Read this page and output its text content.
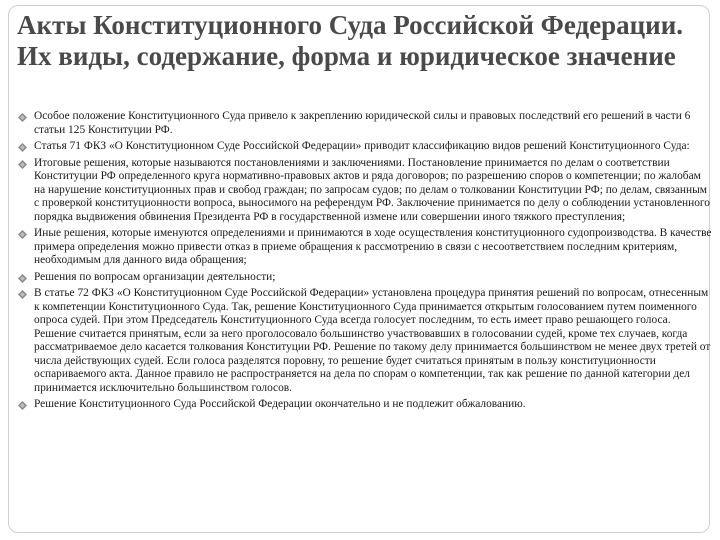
Акты Конституционного Суда Российской Федерации. Их виды, содержание, форма и юридическое значение
Особое положение Конституционного Суда привело к закреплению юридической силы и правовых последствий его решений в части 6 статьи 125 Конституции РФ.
Статья 71 ФКЗ «О Конституционном Суде Российской Федерации» приводит классификацию видов решений Конституционного Суда:
Итоговые решения, которые называются постановлениями и заключениями. Постановление принимается по делам о соответствии Конституции РФ определенного круга нормативно-правовых актов и ряда договоров; по разрешению споров о компетенции; по жалобам на нарушение конституционных прав и свобод граждан; по запросам судов; по делам о толковании Конституции РФ; по делам, связанным с проверкой конституционности вопроса, выносимого на референдум РФ. Заключение принимается по делу о соблюдении установленного порядка выдвижения обвинения Президента РФ в государственной измене или совершении иного тяжкого преступления;
Иные решения, которые именуются определениями и принимаются в ходе осуществления конституционного судопроизводства. В качестве примера определения можно привести отказ в приеме обращения к рассмотрению в связи с несоответствием последним критериям, необходимым для данного вида обращения;
Решения по вопросам организации деятельности;
В статье 72 ФКЗ «О Конституционном Суде Российской Федерации» установлена процедура принятия решений по вопросам, отнесенным к компетенции Конституционного Суда. Так, решение Конституционного Суда принимается открытым голосованием путем поименного опроса судей. При этом Председатель Конституционного Суда всегда голосует последним, то есть имеет право решающего голоса. Решение считается принятым, если за него проголосовало большинство участвовавших в голосовании судей, кроме тех случаев, когда рассматриваемое дело касается толкования Конституции РФ. Решение по такому делу принимается большинством не менее двух третей от числа действующих судей. Если голоса разделятся поровну, то решение будет считаться принятым в пользу конституционности оспариваемого акта. Данное правило не распространяется на дела по спорам о компетенции, так как решение по данной категории дел принимается исключительно большинством голосов.
Решение Конституционного Суда Российской Федерации окончательно и не подлежит обжалованию.
